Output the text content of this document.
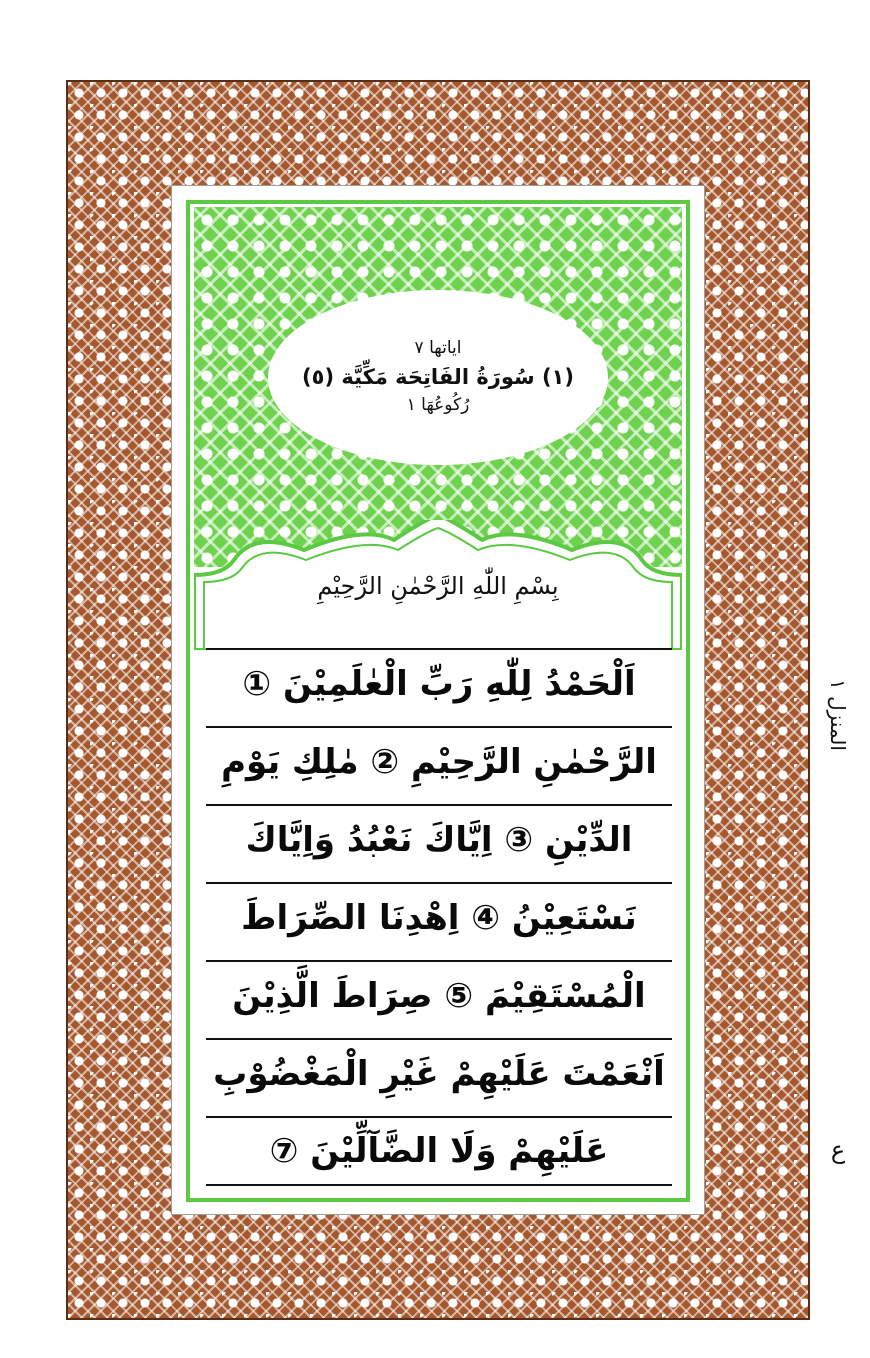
اياتها ٧
(١) سُورَةُ الفَاتِحَة مَكِّيَّة (٥)
رُكُوعُهَا ١
بِسْمِ اللّٰهِ الرَّحْمٰنِ الرَّحِيْمِ
اَلْحَمْدُ لِلّٰهِ رَبِّ الْعٰلَمِيْنَ ①
الرَّحْمٰنِ الرَّحِيْمِ ② مٰلِكِ يَوْمِ
الدِّيْنِ ③ اِيَّاكَ نَعْبُدُ وَاِيَّاكَ
نَسْتَعِيْنُ ④ اِهْدِنَا الصِّرَاطَ
الْمُسْتَقِيْمَ ⑤ صِرَاطَ الَّذِيْنَ
اَنْعَمْتَ عَلَيْهِمْ غَيْرِ الْمَغْضُوْبِ
عَلَيْهِمْ وَلَا الضَّآلِّيْنَ ⑦
المنزل ١
ع
